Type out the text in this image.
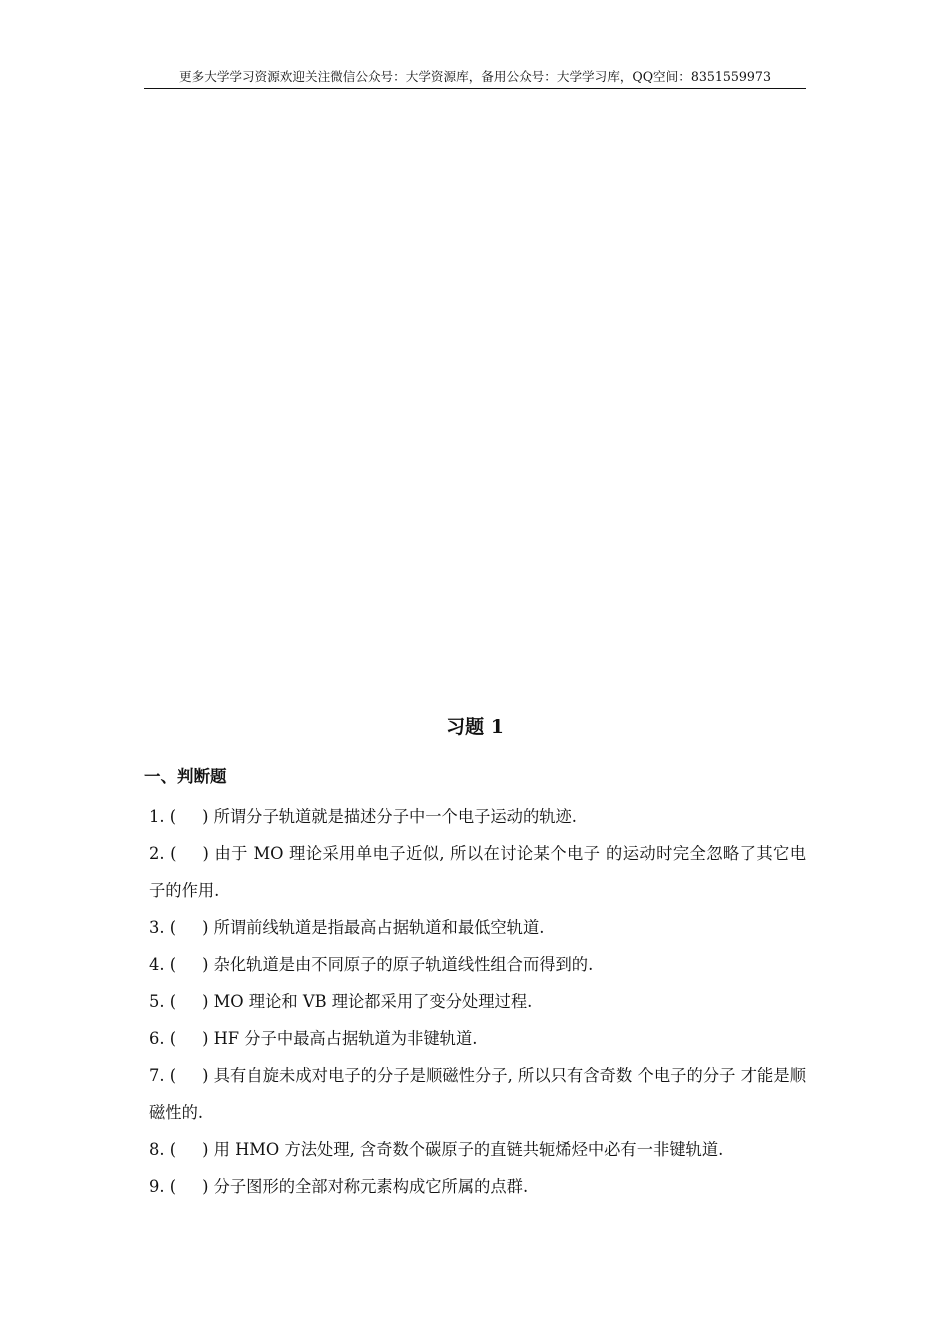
更多大学学习资源欢迎关注微信公众号：大学资源库，备用公众号：大学学习库，QQ空间：8351559973
习题 1
一、判断题

1. ( ) 所谓分子轨道就是描述分子中一个电子运动的轨迹.

2. ( ) 由于 MO 理论采用单电子近似, 所以在讨论某个电子 的运动时完全忽略了其它电子的作用.

3. ( ) 所谓前线轨道是指最高占据轨道和最低空轨道.

4. ( ) 杂化轨道是由不同原子的原子轨道线性组合而得到的.

5. ( ) MO 理论和 VB 理论都采用了变分处理过程.

6. ( ) HF 分子中最高占据轨道为非键轨道.

7. ( ) 具有自旋未成对电子的分子是顺磁性分子, 所以只有含奇数 个电子的分子 才能是顺磁性的.

8. ( ) 用 HMO 方法处理, 含奇数个碳原子的直链共轭烯烃中必有一非键轨道.

9. ( ) 分子图形的全部对称元素构成它所属的点群.
